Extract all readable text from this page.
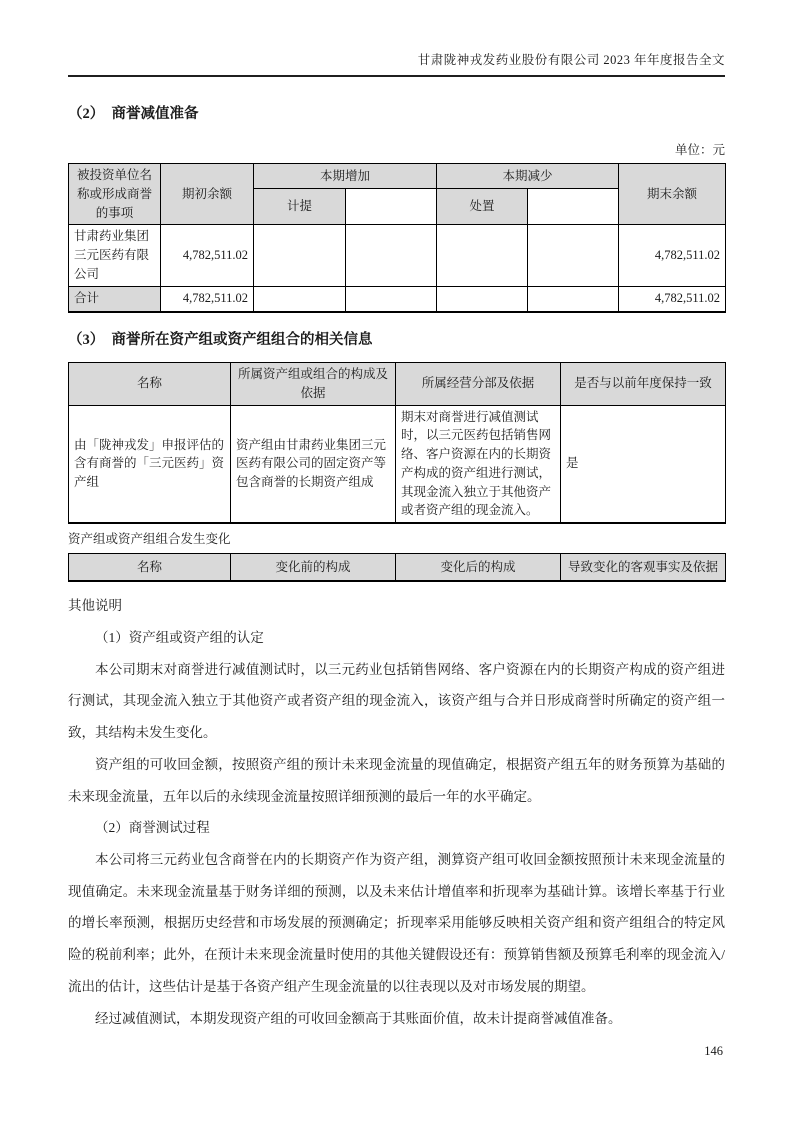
甘肃陇神戎发药业股份有限公司 2023 年年度报告全文
（2）　商誉减值准备
单位：元
被投资单位名称或形成商誉的事项	期初余额	本期增加		本期减少		期末余额
		计提		处置		
甘肃药业集团三元医药有限公司	4,782,511.02					4,782,511.02
合计	4,782,511.02					4,782,511.02
（3）　商誉所在资产组或资产组组合的相关信息
名称	所属资产组或组合的构成及依据	所属经营分部及依据	是否与以前年度保持一致
由「陇神戎发」申报评估的含有商誉的「三元医药」资产组	资产组由甘肃药业集团三元医药有限公司的固定资产等包含商誉的长期资产组成	期末对商誉进行减值测试时，以三元医药包括销售网络、客户资源在内的长期资产构成的资产组进行测试，其现金流入独立于其他资产或者资产组的现金流入。	是
资产组或资产组组合发生变化
名称	变化前的构成	变化后的构成	导致变化的客观事实及依据

其他说明

（1）资产组或资产组的认定

本公司期末对商誉进行减值测试时，以三元药业包括销售网络、客户资源在内的长期资产构成的资产组进行测试，其现金流入独立于其他资产或者资产组的现金流入，该资产组与合并日形成商誉时所确定的资产组一致，其结构未发生变化。

资产组的可收回金额，按照资产组的预计未来现金流量的现值确定，根据资产组五年的财务预算为基础的未来现金流量，五年以后的永续现金流量按照详细预测的最后一年的水平确定。

（2）商誉测试过程

本公司将三元药业包含商誉在内的长期资产作为资产组，测算资产组可收回金额按照预计未来现金流量的现值确定。未来现金流量基于财务详细的预测，以及未来估计增值率和折现率为基础计算。该增长率基于行业的增长率预测，根据历史经营和市场发展的预测确定；折现率采用能够反映相关资产组和资产组组合的特定风险的税前利率；此外，在预计未来现金流量时使用的其他关键假设还有：预算销售额及预算毛利率的现金流入/流出的估计，这些估计是基于各资产组产生现金流量的以往表现以及对市场发展的期望。

经过减值测试，本期发现资产组的可收回金额高于其账面价值，故未计提商誉减值准备。

146
